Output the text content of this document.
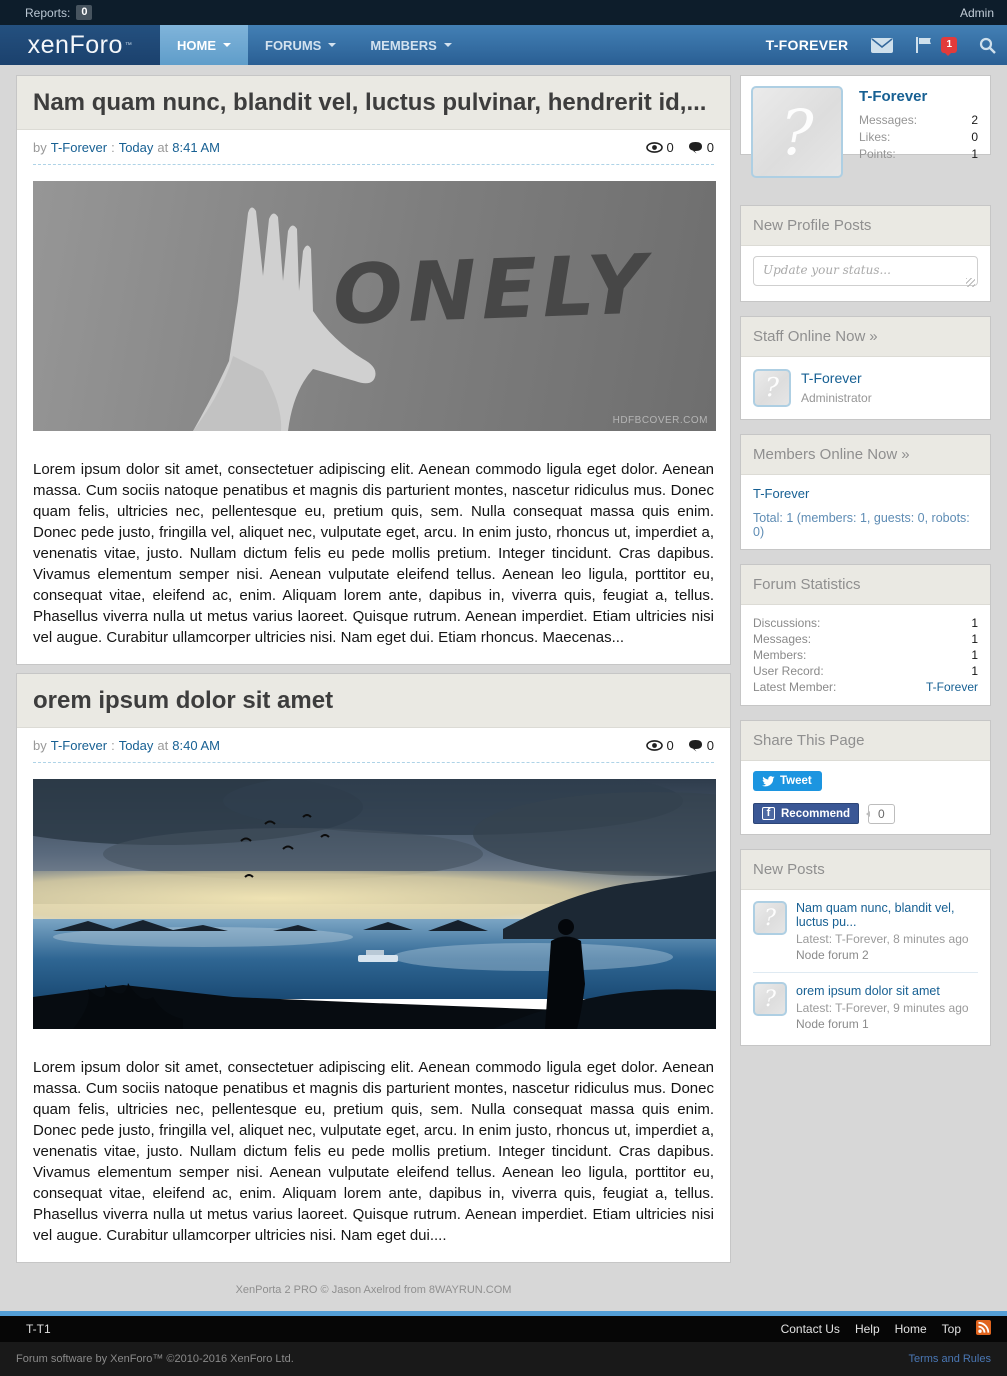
Reports:	0	Admin
xenForo ™	HOME	FORUMS	MEMBERS	T-FOREVER	1
Nam quam nunc, blandit vel, luctus pulvinar, hendrerit id,...
by T-Forever : Today at 8:41 AM	0	0
ONELY
HDFBCOVER.COM
Lorem ipsum dolor sit amet, consectetuer adipiscing elit. Aenean commodo ligula eget dolor. Aenean massa. Cum sociis natoque penatibus et magnis dis parturient montes, nascetur ridiculus mus. Donec quam felis, ultricies nec, pellentesque eu, pretium quis, sem. Nulla consequat massa quis enim. Donec pede justo, fringilla vel, aliquet nec, vulputate eget, arcu. In enim justo, rhoncus ut, imperdiet a, venenatis vitae, justo. Nullam dictum felis eu pede mollis pretium. Integer tincidunt. Cras dapibus. Vivamus elementum semper nisi. Aenean vulputate eleifend tellus. Aenean leo ligula, porttitor eu, consequat vitae, eleifend ac, enim. Aliquam lorem ante, dapibus in, viverra quis, feugiat a, tellus. Phasellus viverra nulla ut metus varius laoreet. Quisque rutrum. Aenean imperdiet. Etiam ultricies nisi vel augue. Curabitur ullamcorper ultricies nisi. Nam eget dui. Etiam rhoncus. Maecenas...
orem ipsum dolor sit amet
by T-Forever : Today at 8:40 AM	0	0
Lorem ipsum dolor sit amet, consectetuer adipiscing elit. Aenean commodo ligula eget dolor. Aenean massa. Cum sociis natoque penatibus et magnis dis parturient montes, nascetur ridiculus mus. Donec quam felis, ultricies nec, pellentesque eu, pretium quis, sem. Nulla consequat massa quis enim. Donec pede justo, fringilla vel, aliquet nec, vulputate eget, arcu. In enim justo, rhoncus ut, imperdiet a, venenatis vitae, justo. Nullam dictum felis eu pede mollis pretium. Integer tincidunt. Cras dapibus. Vivamus elementum semper nisi. Aenean vulputate eleifend tellus. Aenean leo ligula, porttitor eu, consequat vitae, eleifend ac, enim. Aliquam lorem ante, dapibus in, viverra quis, feugiat a, tellus. Phasellus viverra nulla ut metus varius laoreet. Quisque rutrum. Aenean imperdiet. Etiam ultricies nisi vel augue. Curabitur ullamcorper ultricies nisi. Nam eget dui....
XenPorta 2 PRO © Jason Axelrod from 8WAYRUN.COM
?
T-Forever
Messages:	2
Likes:	0
Points:	1
New Profile Posts
Update your status...
Staff Online Now »
?
T-Forever
Administrator
Members Online Now »
T-Forever
Total: 1 (members: 1, guests: 0, robots: 0)
Forum Statistics
Discussions:	1
Messages:	1
Members:	1
User Record:	1
Latest Member:	T-Forever
Share This Page
Tweet
f
Recommend	0
New Posts
?
Nam quam nunc, blandit vel, luctus pu...
Latest: T-Forever, 8 minutes ago
Node forum 2
?
orem ipsum dolor sit amet
Latest: T-Forever, 9 minutes ago
Node forum 1
T-T1	Contact Us Help Home Top
Forum software by XenForo™ ©2010-2016 XenForo Ltd.	Terms and Rules
